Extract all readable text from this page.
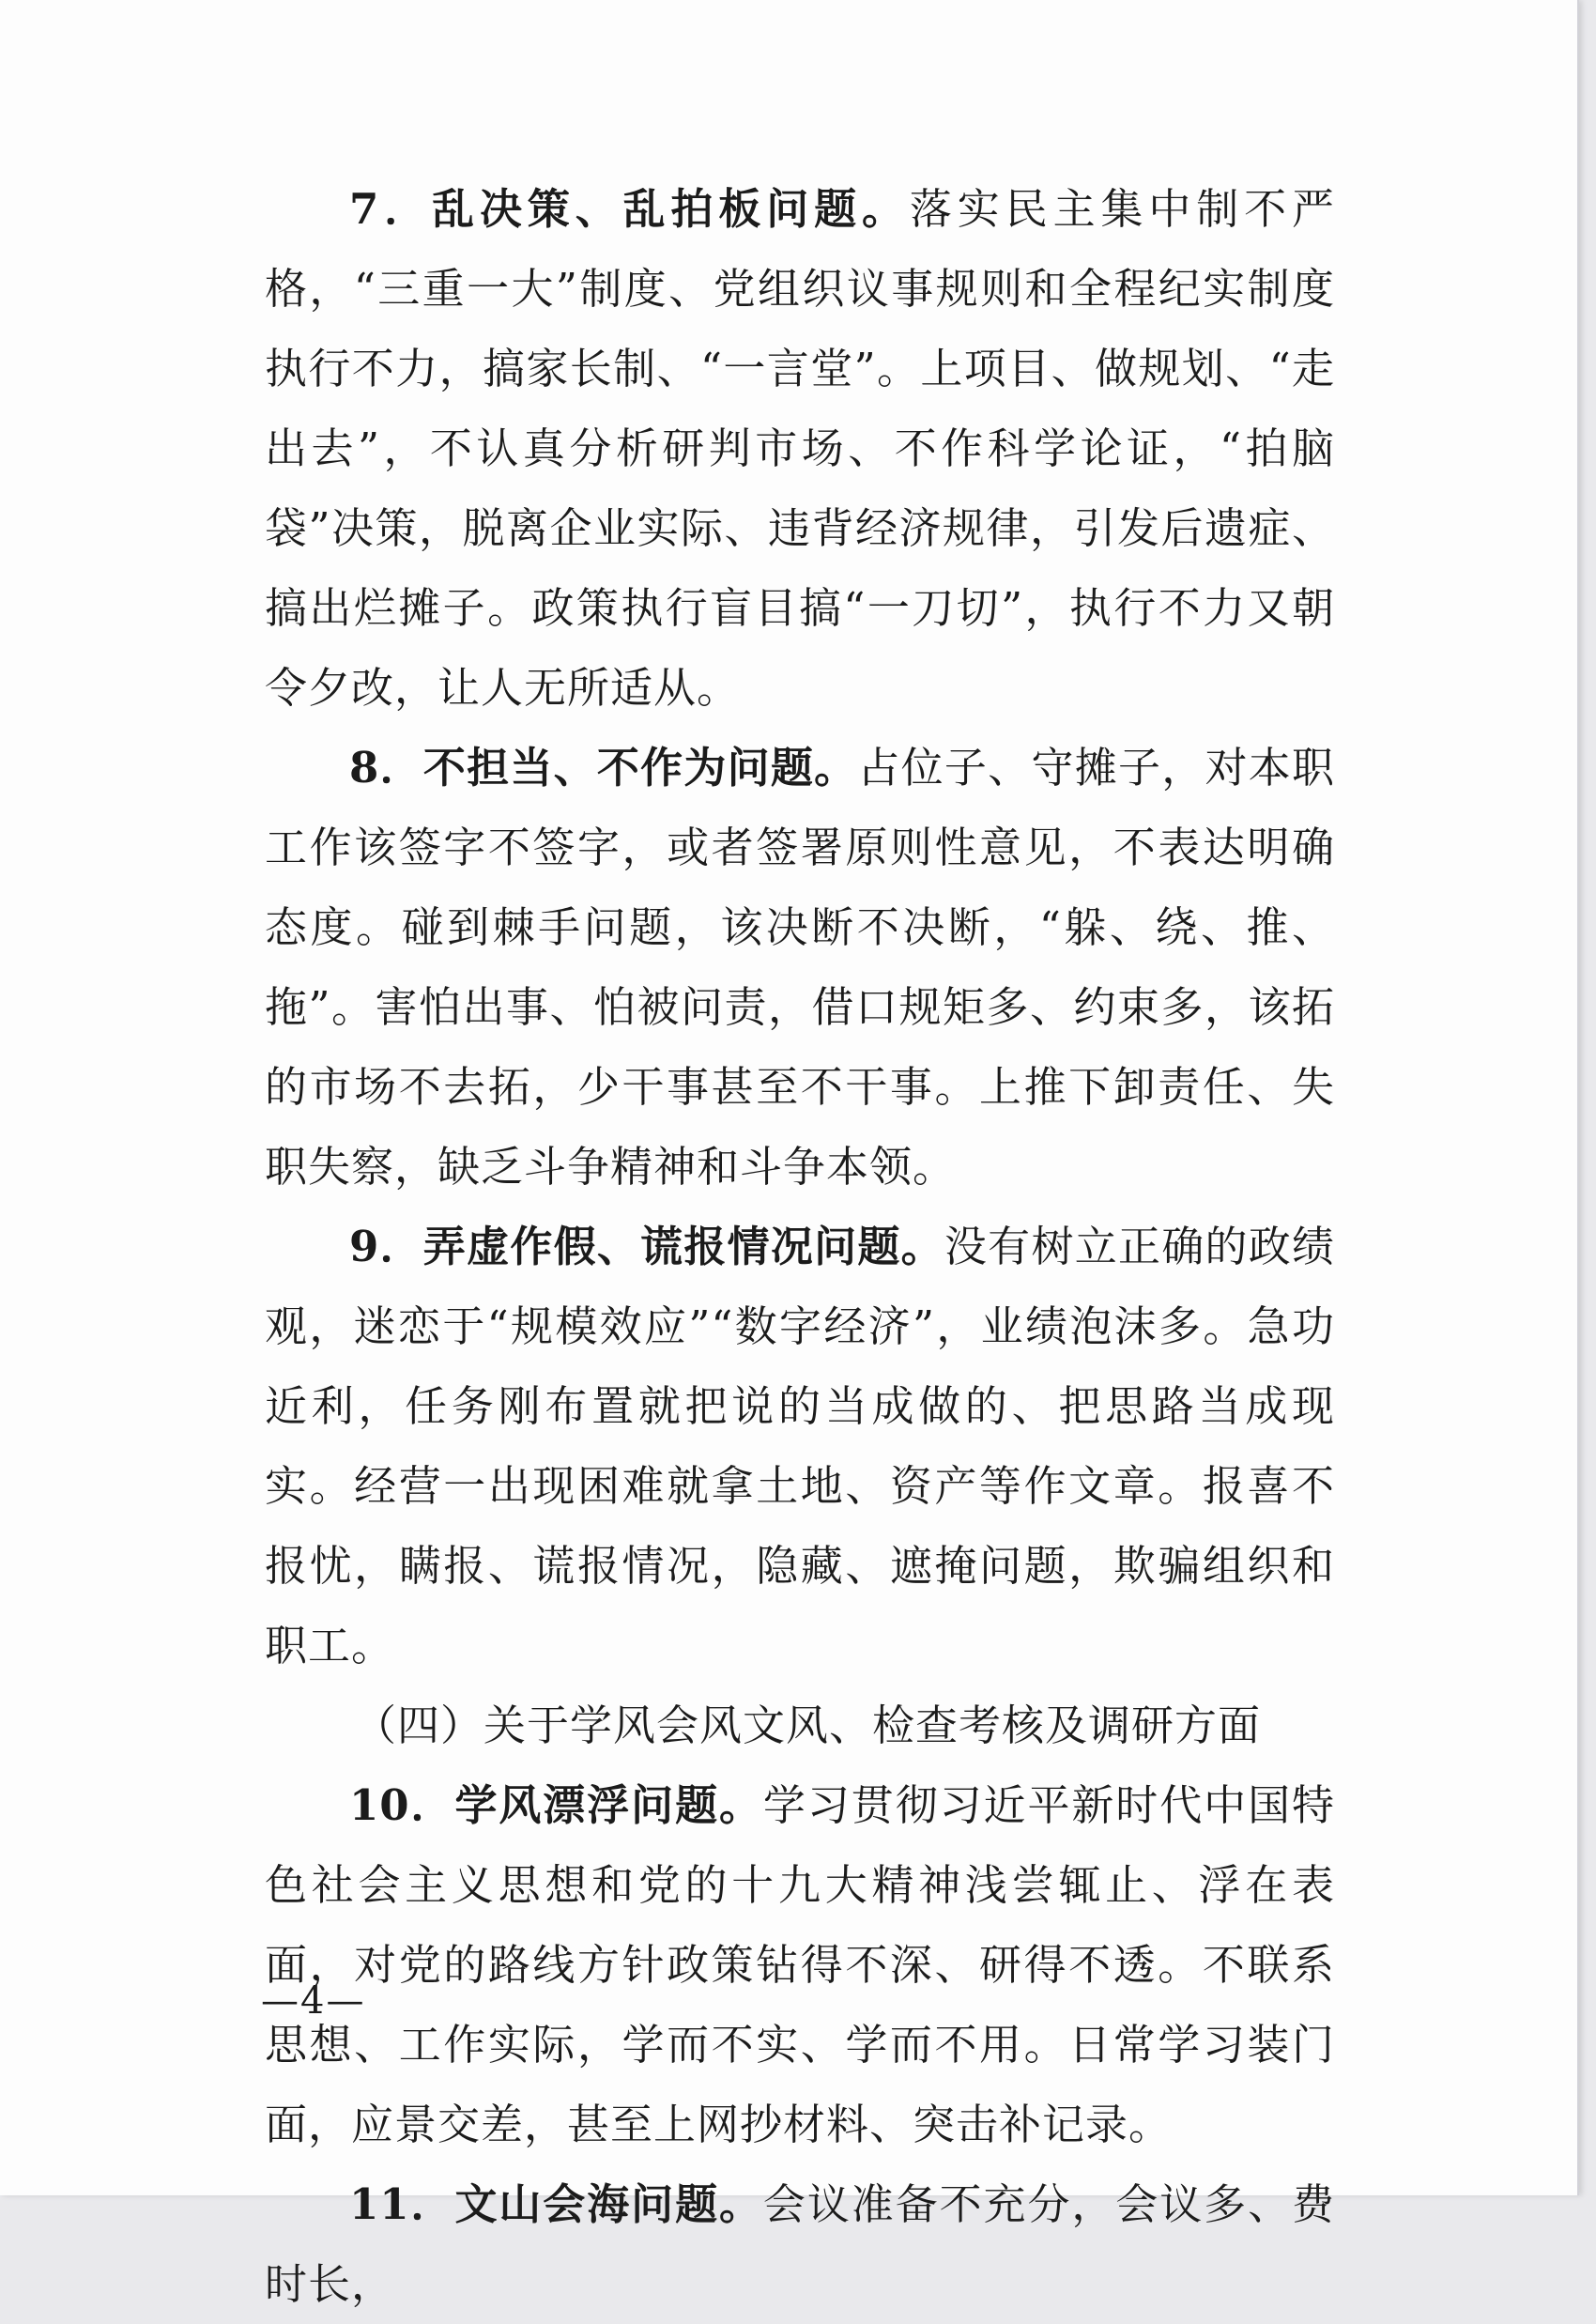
7．乱决策、乱拍板问题。落实民主集中制不严格，“三重一大”制度、党组织议事规则和全程纪实制度执行不力，搞家长制、“一言堂”。上项目、做规划、“走出去”，不认真分析研判市场、不作科学论证，“拍脑袋”决策，脱离企业实际、违背经济规律，引发后遗症、搞出烂摊子。政策执行盲目搞“一刀切”，执行不力又朝令夕改，让人无所适从。

8．不担当、不作为问题。占位子、守摊子，对本职工作该签字不签字，或者签署原则性意见，不表达明确态度。碰到棘手问题，该决断不决断，“躲、绕、推、拖”。害怕出事、怕被问责，借口规矩多、约束多，该拓的市场不去拓，少干事甚至不干事。上推下卸责任、失职失察，缺乏斗争精神和斗争本领。

9．弄虚作假、谎报情况问题。没有树立正确的政绩观，迷恋于“规模效应”“数字经济”，业绩泡沫多。急功近利，任务刚布置就把说的当成做的、把思路当成现实。经营一出现困难就拿土地、资产等作文章。报喜不报忧，瞒报、谎报情况，隐藏、遮掩问题，欺骗组织和职工。

（四）关于学风会风文风、检查考核及调研方面

10．学风漂浮问题。学习贯彻习近平新时代中国特色社会主义思想和党的十九大精神浅尝辄止、浮在表面，对党的路线方针政策钻得不深、研得不透。不联系思想、工作实际，学而不实、学而不用。日常学习装门面，应景交差，甚至上网抄材料、突击补记录。

11．文山会海问题。会议准备不充分，会议多、费时长，

—4—
